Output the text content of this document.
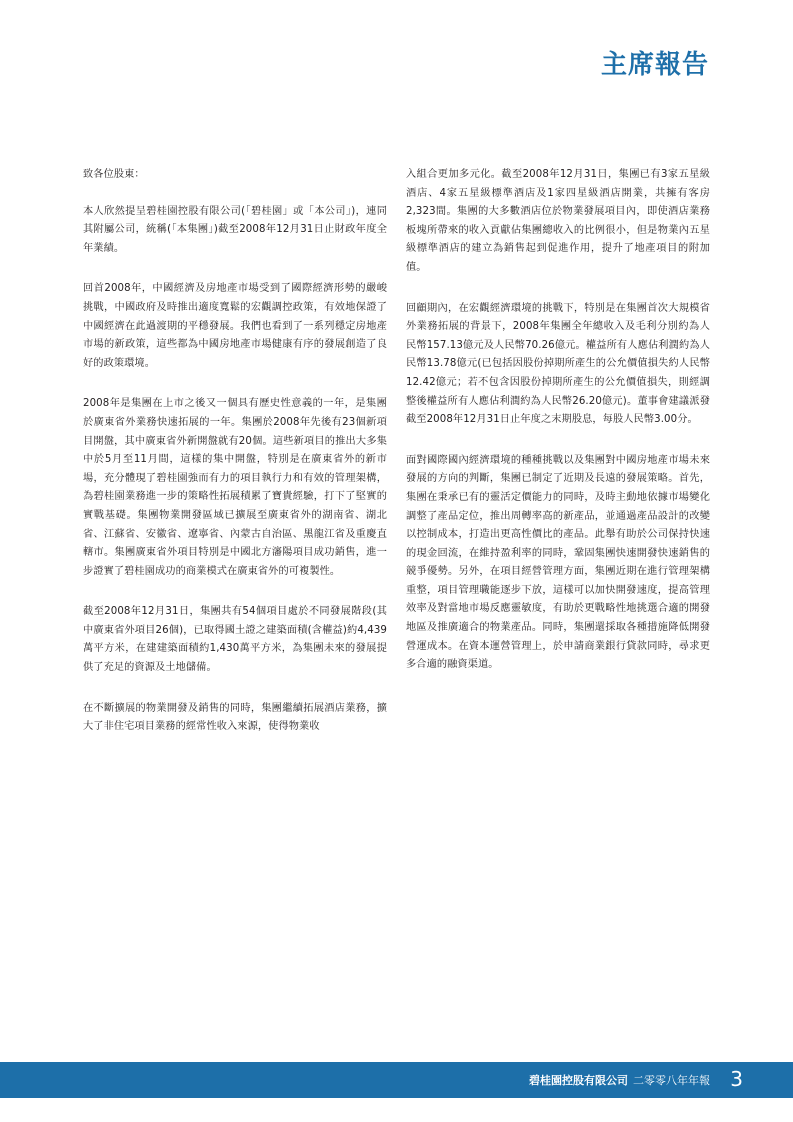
主席報告

致各位股東：

本人欣然提呈碧桂園控股有限公司(「碧桂園」或「本公司」)，連同其附屬公司，統稱(「本集團」)截至2008年12月31日止財政年度全年業績。

回首2008年，中國經濟及房地產市場受到了國際經濟形勢的嚴峻挑戰，中國政府及時推出適度寬鬆的宏觀調控政策，有效地保證了中國經濟在此過渡期的平穩發展。我們也看到了一系列穩定房地產市場的新政策，這些都為中國房地產市場健康有序的發展創造了良好的政策環境。

2008年是集團在上市之後又一個具有歷史性意義的一年，是集團於廣東省外業務快速拓展的一年。集團於2008年先後有23個新項目開盤，其中廣東省外新開盤就有20個。這些新項目的推出大多集中於5月至11月間，這樣的集中開盤，特別是在廣東省外的新市場，充分體現了碧桂園強而有力的項目執行力和有效的管理架構，為碧桂園業務進一步的策略性拓展積累了寶貴經驗，打下了堅實的實戰基礎。集團物業開發區域已擴展至廣東省外的湖南省、湖北省、江蘇省、安徽省、遼寧省、內蒙古自治區、黑龍江省及重慶直轄市。集團廣東省外項目特別是中國北方瀋陽項目成功銷售，進一步證實了碧桂園成功的商業模式在廣東省外的可複製性。

截至2008年12月31日，集團共有54個項目處於不同發展階段(其中廣東省外項目26個)，已取得國土證之建築面積(含權益)約4,439萬平方米，在建建築面積約1,430萬平方米，為集團未來的發展提供了充足的資源及土地儲備。

在不斷擴展的物業開發及銷售的同時，集團繼續拓展酒店業務，擴大了非住宅項目業務的經常性收入來源，使得物業收

入組合更加多元化。截至2008年12月31日，集團已有3家五星級酒店、4家五星級標準酒店及1家四星級酒店開業，共擁有客房2,323間。集團的大多數酒店位於物業發展項目內，即使酒店業務板塊所帶來的收入貢獻佔集團總收入的比例很小，但是物業內五星級標準酒店的建立為銷售起到促進作用，提升了地產項目的附加值。

回顧期內，在宏觀經濟環境的挑戰下，特別是在集團首次大規模省外業務拓展的背景下，2008年集團全年總收入及毛利分別約為人民幣157.13億元及人民幣70.26億元。權益所有人應佔利潤約為人民幣13.78億元(已包括因股份掉期所產生的公允價值損失約人民幣12.42億元；若不包含因股份掉期所產生的公允價值損失，則經調整後權益所有人應佔利潤約為人民幣26.20億元)。董事會建議派發截至2008年12月31日止年度之末期股息，每股人民幣3.00分。

面對國際國內經濟環境的種種挑戰以及集團對中國房地產市場未來發展的方向的判斷，集團已制定了近期及長遠的發展策略。首先，集團在秉承已有的靈活定價能力的同時，及時主動地依據市場變化調整了產品定位，推出周轉率高的新產品，並通過產品設計的改變以控制成本，打造出更高性價比的產品。此舉有助於公司保持快速的現金回流，在維持盈利率的同時，鞏固集團快速開發快速銷售的競爭優勢。另外，在項目經營管理方面，集團近期在進行管理架構重整，項目管理職能逐步下放，這樣可以加快開發速度，提高管理效率及對當地市場反應靈敏度，有助於更戰略性地挑選合適的開發地區及推廣適合的物業產品。同時，集團還採取各種措施降低開發營運成本。在資本運營管理上，於申請商業銀行貸款同時，尋求更多合適的融資渠道。

碧桂園控股有限公司 二零零八年年報 3
